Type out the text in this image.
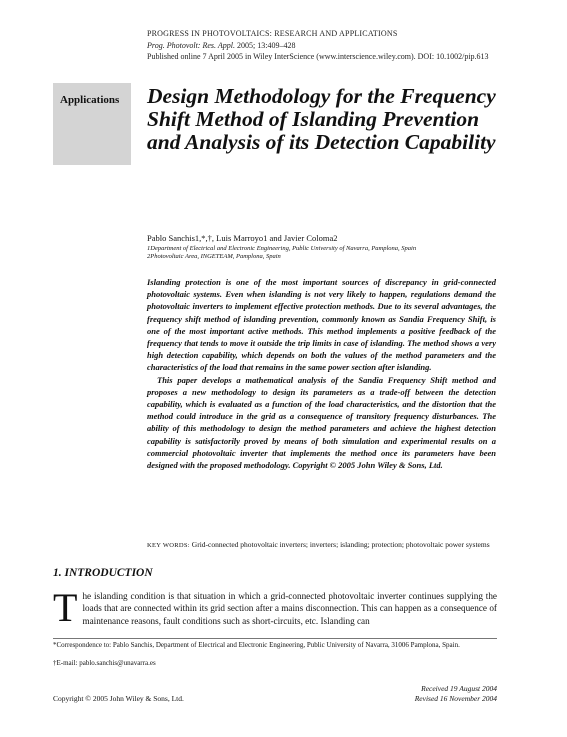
PROGRESS IN PHOTOVOLTAICS: RESEARCH AND APPLICATIONS
Prog. Photovolt: Res. Appl. 2005; 13:409–428
Published online 7 April 2005 in Wiley InterScience (www.interscience.wiley.com). DOI: 10.1002/pip.613
Applications Design Methodology for the Frequency Shift Method of Islanding Prevention and Analysis of its Detection Capability
Pablo Sanchis1,*,†, Luis Marroyo1 and Javier Coloma2
1Department of Electrical and Electronic Engineering, Public University of Navarra, Pamplona, Spain
2Photovoltaic Area, INGETEAM, Pamplona, Spain

Islanding protection is one of the most important sources of discrepancy in grid-connected photovoltaic systems. Even when islanding is not very likely to happen, regulations demand the photovoltaic inverters to implement effective protection methods. Due to its several advantages, the frequency shift method of islanding prevention, commonly known as Sandia Frequency Shift, is one of the most important active methods. This method implements a positive feedback of the frequency that tends to move it outside the trip limits in case of islanding. The method shows a very high detection capability, which depends on both the values of the method parameters and the characteristics of the load that remains in the same power section after islanding.

This paper develops a mathematical analysis of the Sandia Frequency Shift method and proposes a new methodology to design its parameters as a trade-off between the detection capability, which is evaluated as a function of the load characteristics, and the distortion that the method could introduce in the grid as a consequence of transitory frequency disturbances. The ability of this methodology to design the method parameters and achieve the highest detection capability is satisfactorily proved by means of both simulation and experimental results on a commercial photovoltaic inverter that implements the method once its parameters have been designed with the proposed methodology. Copyright © 2005 John Wiley & Sons, Ltd.

KEY WORDS: Grid-connected photovoltaic inverters; inverters; islanding; protection; photovoltaic power systems
1. INTRODUCTION
The islanding condition is that situation in which a grid-connected photovoltaic inverter continues supplying the loads that are connected within its grid section after a mains disconnection. This can happen as a consequence of maintenance reasons, fault conditions such as short-circuits, etc. Islanding can
*Correspondence to: Pablo Sanchis, Department of Electrical and Electronic Engineering, Public University of Navarra, 31006 Pamplona, Spain.
†E-mail: pablo.sanchis@unavarra.es
Copyright © 2005 John Wiley & Sons, Ltd.
Received 19 August 2004
Revised 16 November 2004
